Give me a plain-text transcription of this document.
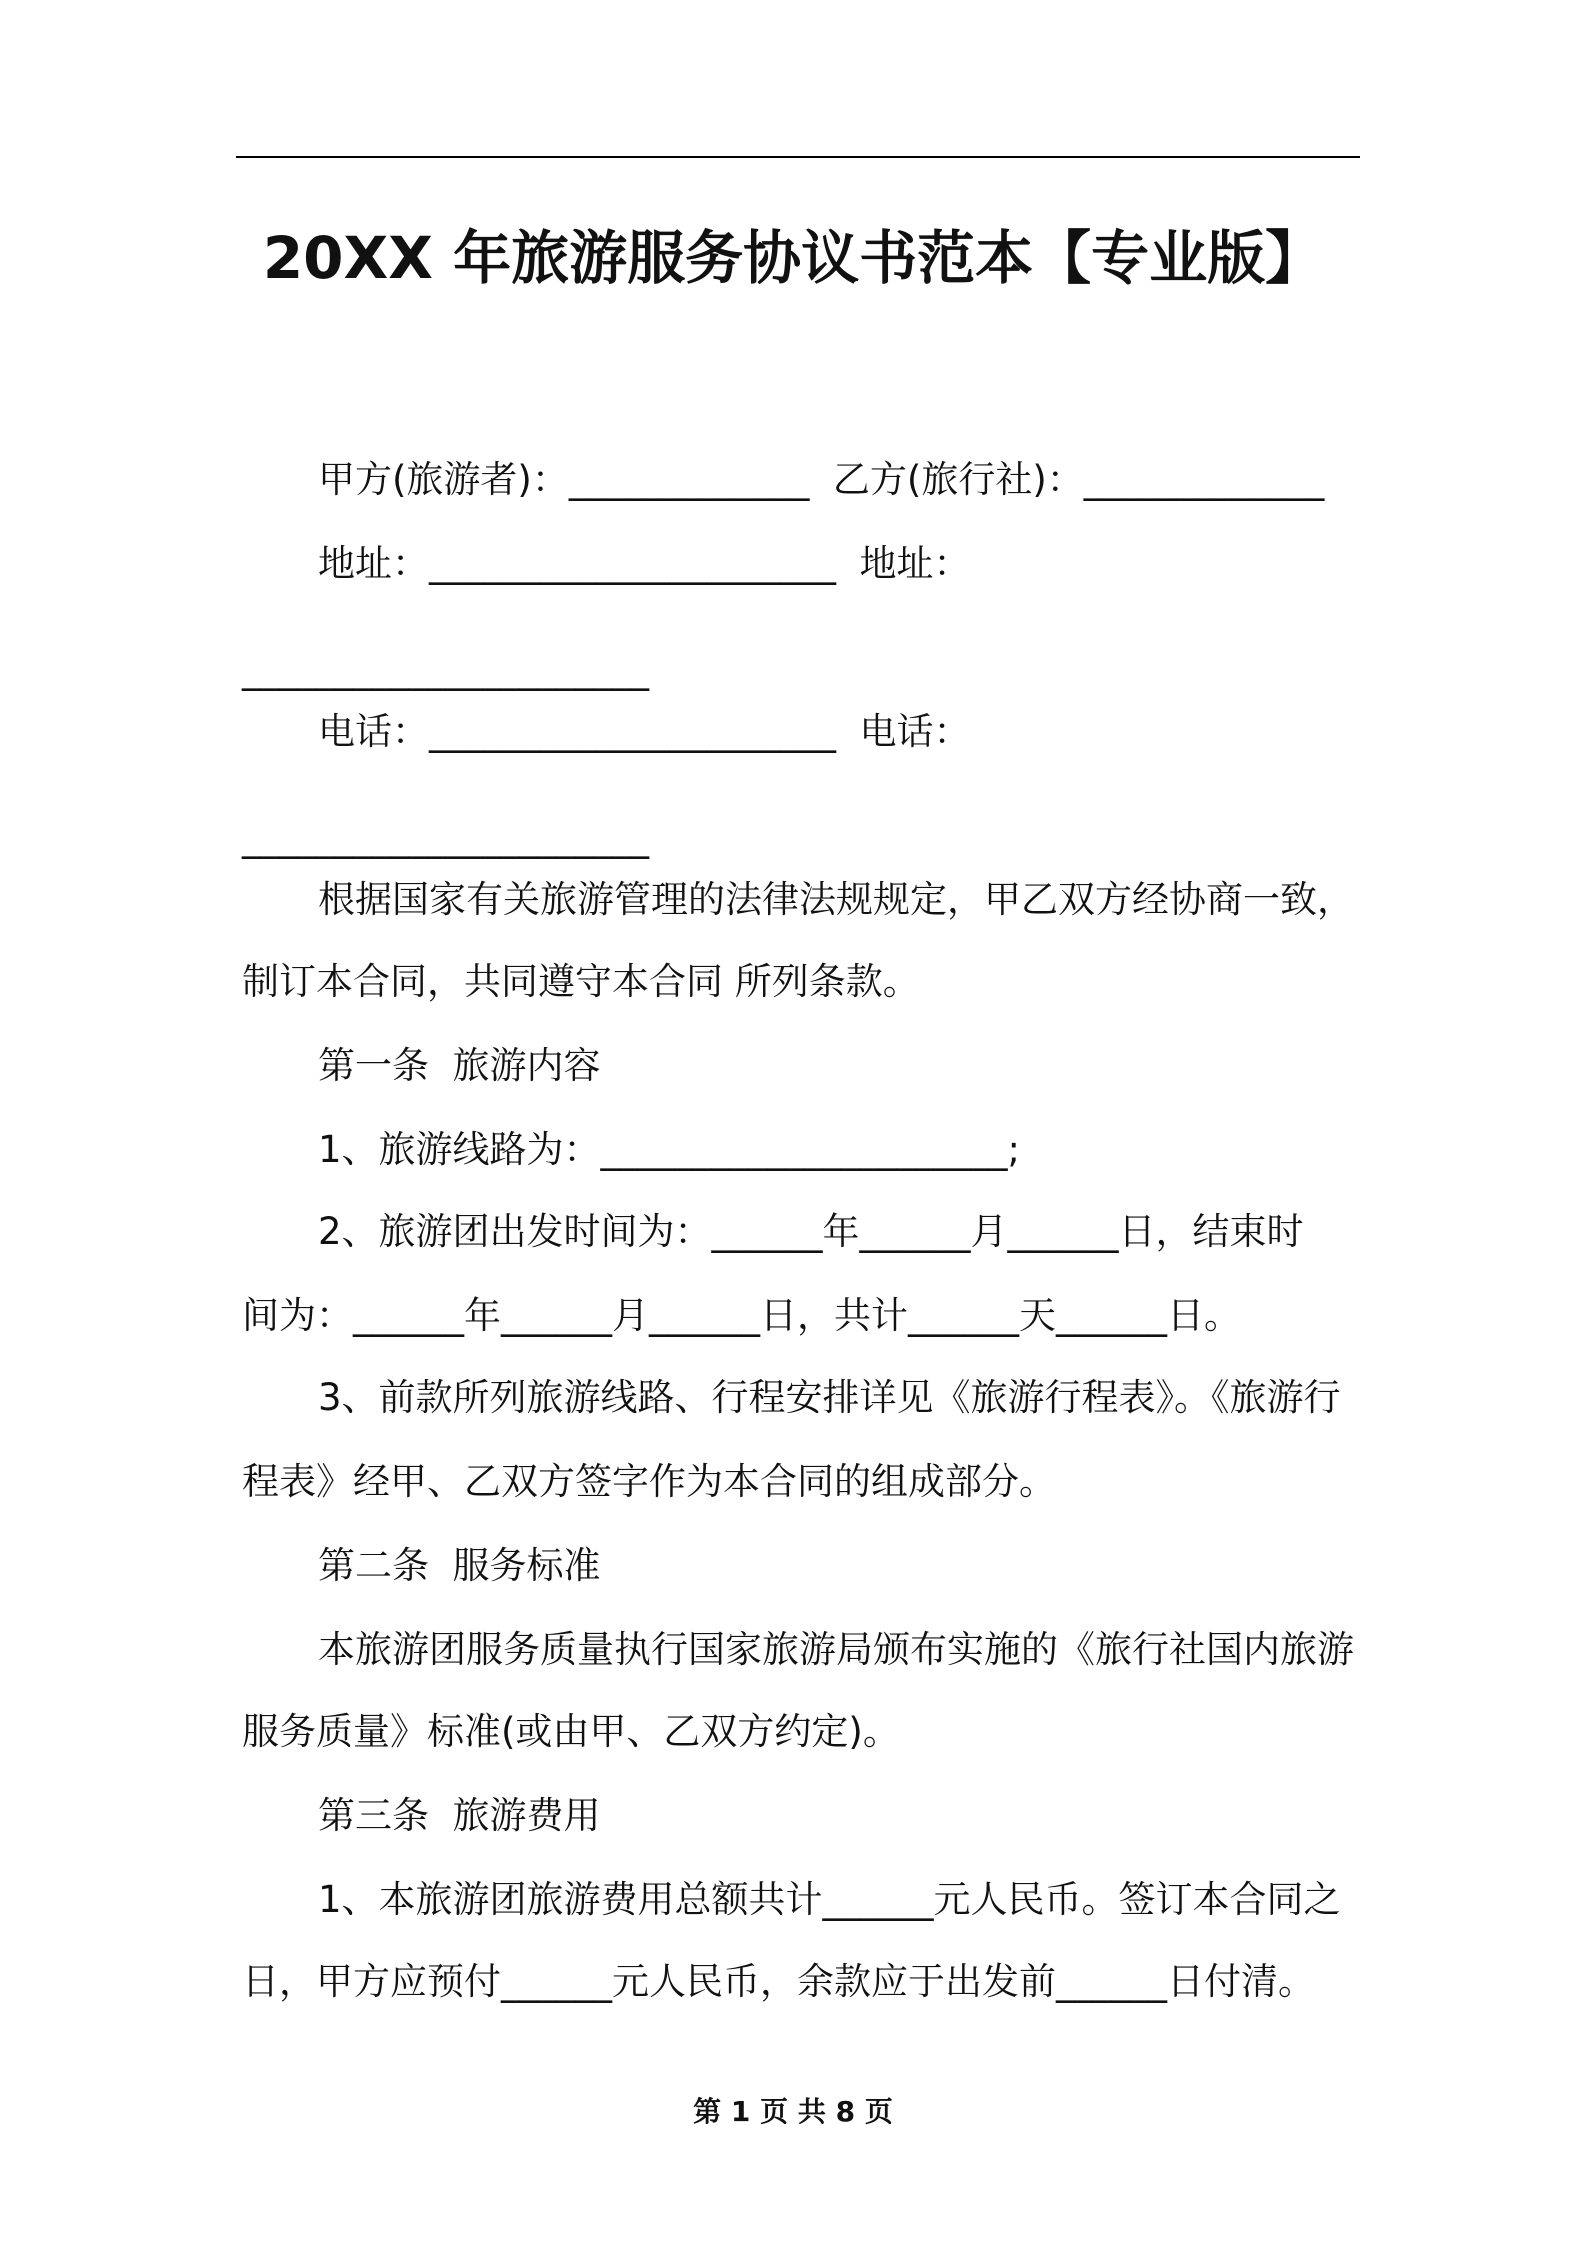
20XX 年旅游服务协议书范本【专业版】
甲方(旅游者)：_____________  乙方(旅行社)：_____________
地址：______________________  地址：
______________________
电话：______________________  电话：
______________________
根据国家有关旅游管理的法律法规规定，甲乙双方经协商一致，
制订本合同，共同遵守本合同 所列条款。
第一条  旅游内容
1、旅游线路为：______________________;
2、旅游团出发时间为：______年______月______日，结束时
间为：______年______月______日，共计______天______日。
3、前款所列旅游线路、行程安排详见《旅游行程表》。《旅游行
程表》经甲、乙双方签字作为本合同的组成部分。
第二条  服务标准
本旅游团服务质量执行国家旅游局颁布实施的《旅行社国内旅游
服务质量》标准(或由甲、乙双方约定)。
第三条  旅游费用
1、本旅游团旅游费用总额共计______元人民币。签订本合同之
日，甲方应预付______元人民币，余款应于出发前______日付清。
第 1 页 共 8 页
